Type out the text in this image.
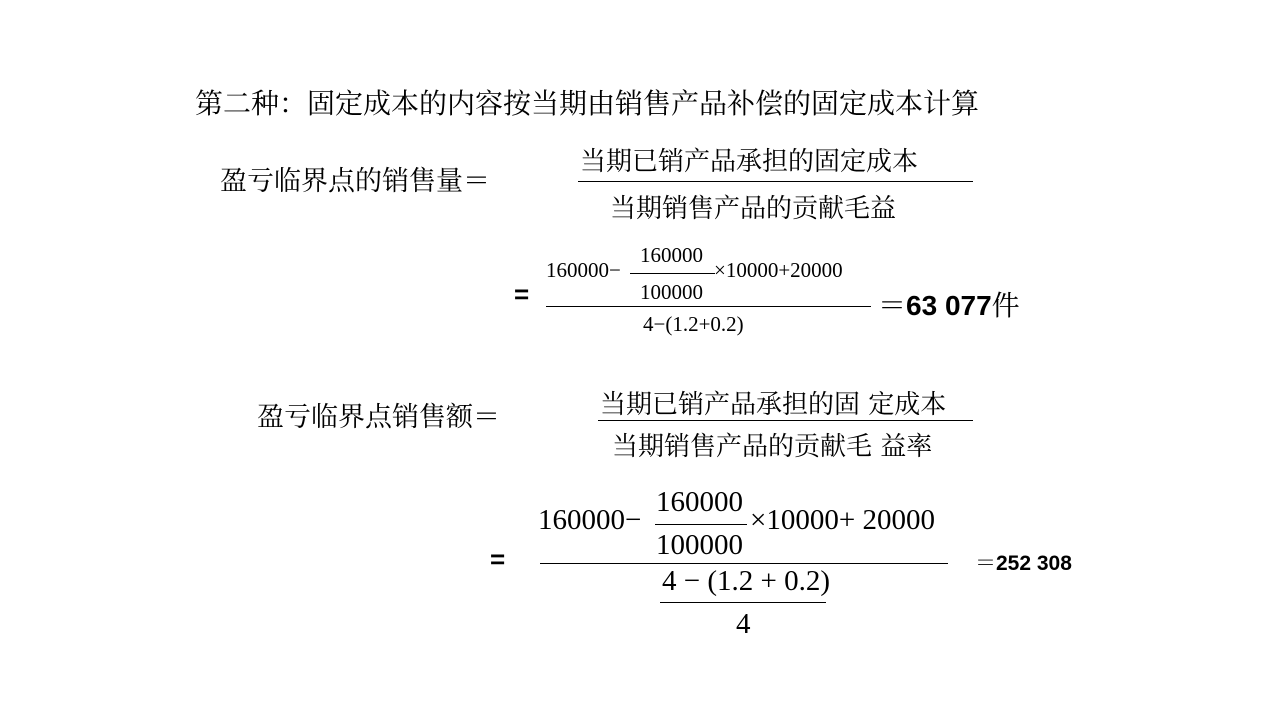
第二种：固定成本的内容按当期由销售产品补偿的固定成本计算
盈亏临界点的销售量＝
当期已销产品承担的固定成本
当期销售产品的贡献毛益
=
160000−
160000
100000
×10000+20000
4−(1.2+0.2)
＝63 077件
盈亏临界点销售额＝	当期已销产品承担的固 定成本
当期销售产品的贡献毛 益率
=
160000−
160000
100000
×10000+ 20000
4 − (1.2 + 0.2)
4
＝252 308
